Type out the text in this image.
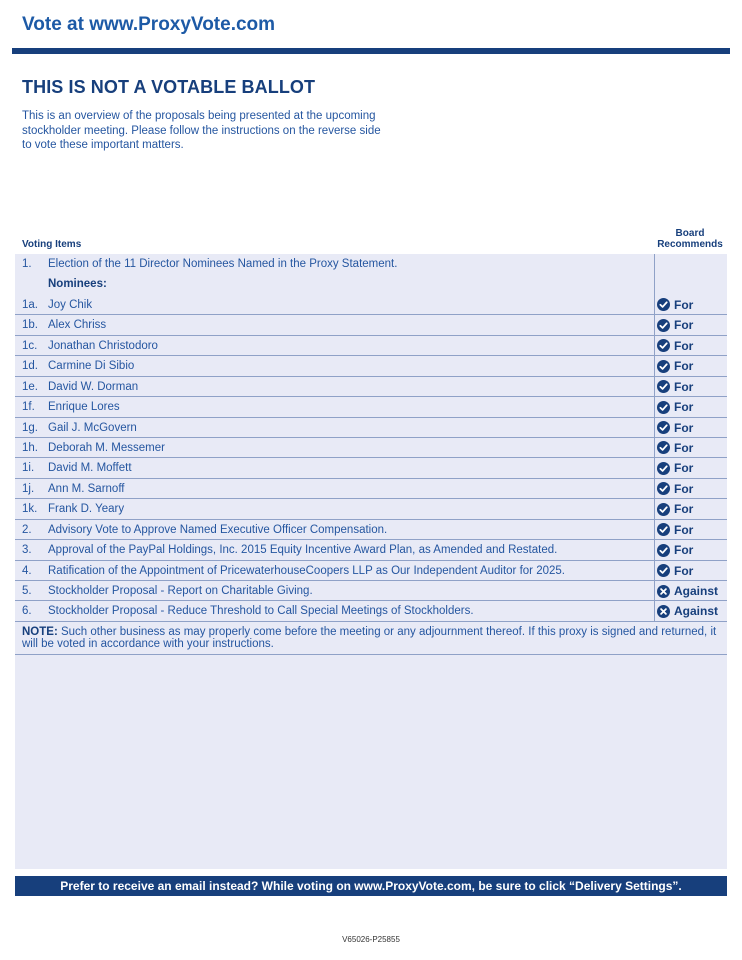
Vote at www.ProxyVote.com
THIS IS NOT A VOTABLE BALLOT
This is an overview of the proposals being presented at the upcoming stockholder meeting. Please follow the instructions on the reverse side to vote these important matters.
Voting Items
Board
Recommends
1. Election of the 11 Director Nominees Named in the Proxy Statement.
Nominees:
1a. Joy Chik	For
1b. Alex Chriss	For
1c. Jonathan Christodoro	For
1d. Carmine Di Sibio	For
1e. David W. Dorman	For
1f. Enrique Lores	For
1g. Gail J. McGovern	For
1h. Deborah M. Messemer	For
1i. David M. Moffett	For
1j. Ann M. Sarnoff	For
1k. Frank D. Yeary	For
2. Advisory Vote to Approve Named Executive Officer Compensation.	For
3. Approval of the PayPal Holdings, Inc. 2015 Equity Incentive Award Plan, as Amended and Restated.	For
4. Ratification of the Appointment of PricewaterhouseCoopers LLP as Our Independent Auditor for 2025.	For
5. Stockholder Proposal - Report on Charitable Giving.	Against
6. Stockholder Proposal - Reduce Threshold to Call Special Meetings of Stockholders.	Against
NOTE: Such other business as may properly come before the meeting or any adjournment thereof. If this proxy is signed and returned, it will be voted in accordance with your instructions.
Prefer to receive an email instead? While voting on www.ProxyVote.com, be sure to click “Delivery Settings”.
V65026-P25855
